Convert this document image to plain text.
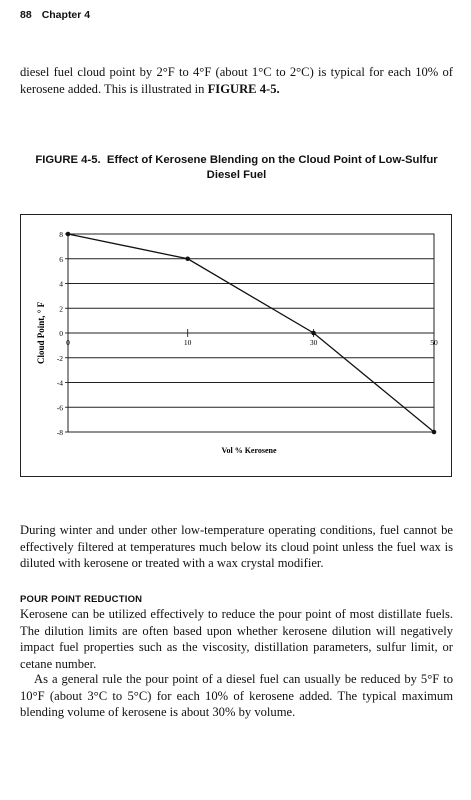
88 Chapter 4

diesel fuel cloud point by 2°F to 4°F (about 1°C to 2°C) is typical for each 10% of kerosene added. This is illustrated in FIGURE 4-5.

FIGURE 4-5.  Effect of Kerosene Blending on the Cloud Point of Low-Sulfur
Diesel Fuel
8
6
4
2
0
-2
-4
-6
-8
0	10	30	50
Cloud Point, ° F
Vol % Kerosene

During winter and under other low-temperature operating conditions, fuel cannot be effectively filtered at temperatures much below its cloud point unless the fuel wax is diluted with kerosene or treated with a wax crystal modifier.

POUR POINT REDUCTION

Kerosene can be utilized effectively to reduce the pour point of most distillate fuels. The dilution limits are often based upon whether kerosene dilution will negatively impact fuel properties such as the viscosity, distillation parameters, sulfur limit, or cetane number.

As a general rule the pour point of a diesel fuel can usually be reduced by 5°F to 10°F (about 3°C to 5°C) for each 10% of kerosene added. The typical maximum blending volume of kerosene is about 30% by volume.
